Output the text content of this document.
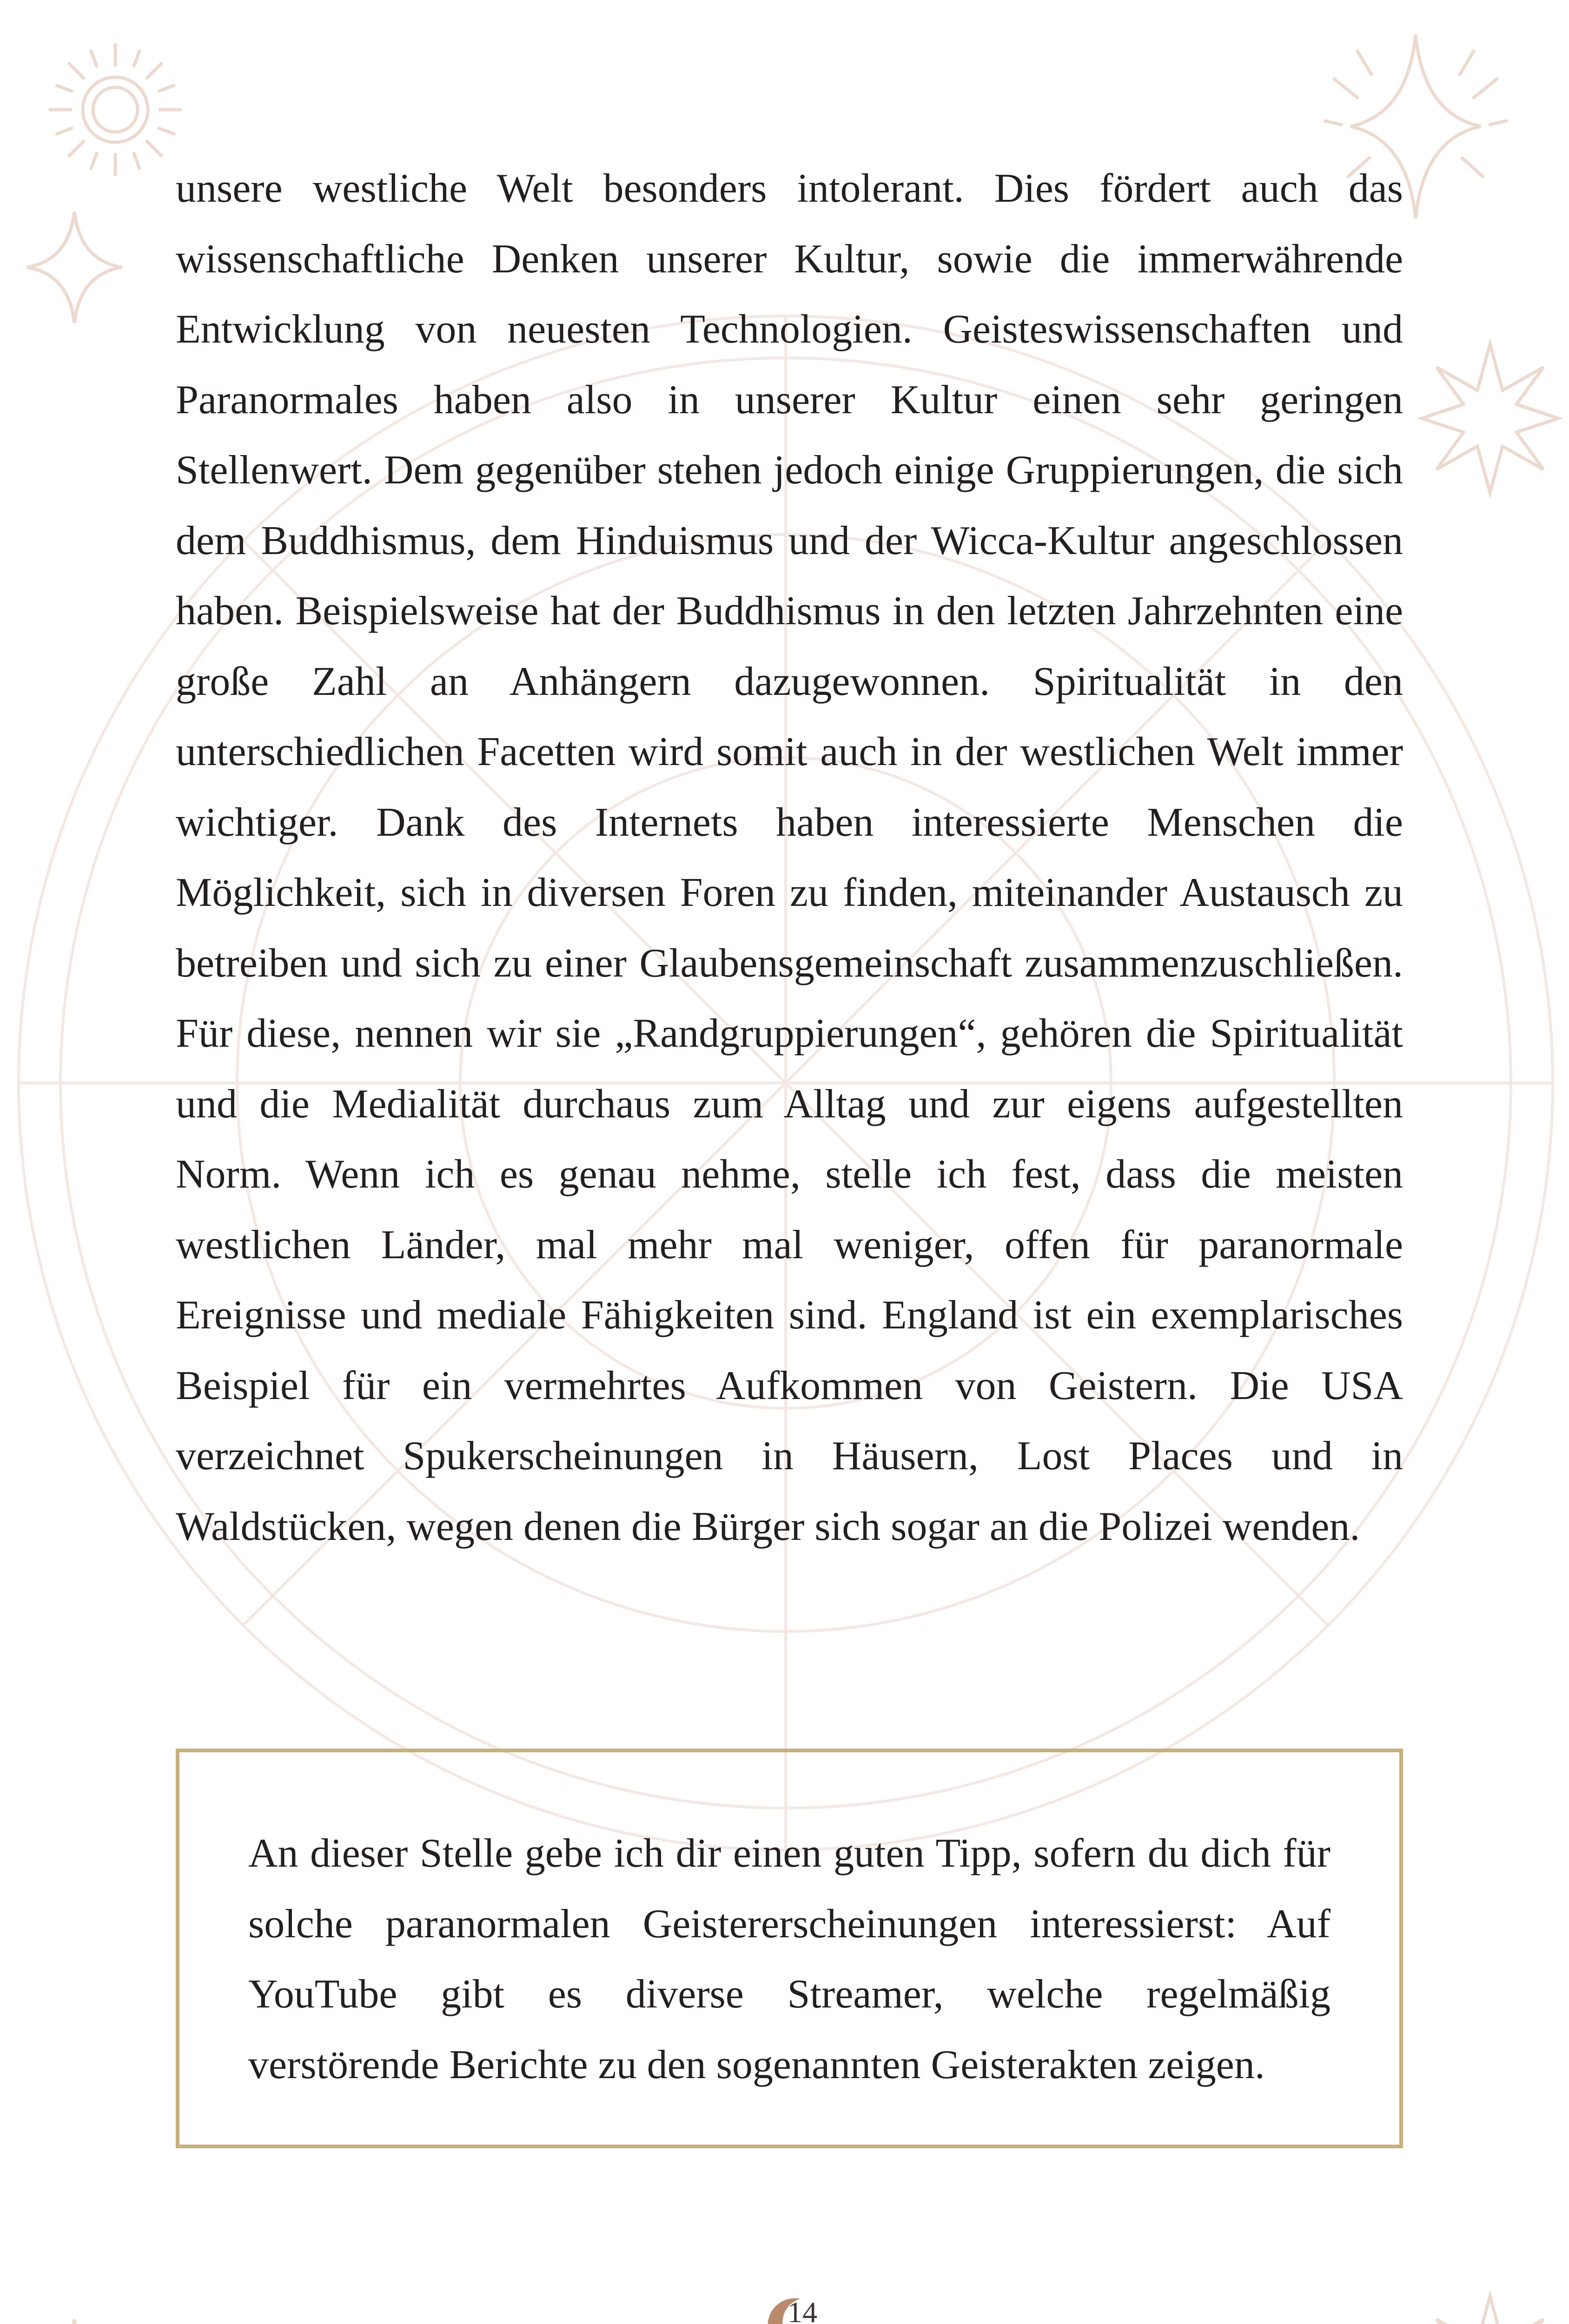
unsere westliche Welt besonders intolerant. Dies fördert auch das wissenschaftliche Denken unserer Kultur, sowie die immerwährende Entwicklung von neuesten Technologien. Geisteswissenschaften und Paranormales haben also in unserer Kultur einen sehr geringen Stellenwert. Dem gegenüber stehen jedoch einige Gruppierungen, die sich dem Buddhismus, dem Hinduismus und der Wicca-Kultur angeschlossen haben. Beispielsweise hat der Buddhismus in den letzten Jahrzehnten eine große Zahl an Anhängern dazugewonnen. Spiritualität in den unterschiedlichen Facetten wird somit auch in der westlichen Welt immer wichtiger. Dank des Internets haben interessierte Menschen die Möglichkeit, sich in diversen Foren zu finden, miteinander Austausch zu betreiben und sich zu einer Glaubensgemeinschaft zusammenzuschließen. Für diese, nennen wir sie „Randgruppierungen“, gehören die Spiritualität und die Medialität durchaus zum Alltag und zur eigens aufgestellten Norm. Wenn ich es genau nehme, stelle ich fest, dass die meisten westlichen Länder, mal mehr mal weniger, offen für paranormale Ereignisse und mediale Fähigkeiten sind. England ist ein exemplarisches Beispiel für ein vermehrtes Aufkommen von Geistern. Die USA verzeichnet Spukerscheinungen in Häusern, Lost Places und in Waldstücken, wegen denen die Bürger sich sogar an die Polizei wenden.

An dieser Stelle gebe ich dir einen guten Tipp, sofern du dich für solche paranormalen Geistererscheinungen interessierst: Auf YouTube gibt es diverse Streamer, welche regelmäßig verstörende Berichte zu den sogenannten Geisterakten zeigen.

14
